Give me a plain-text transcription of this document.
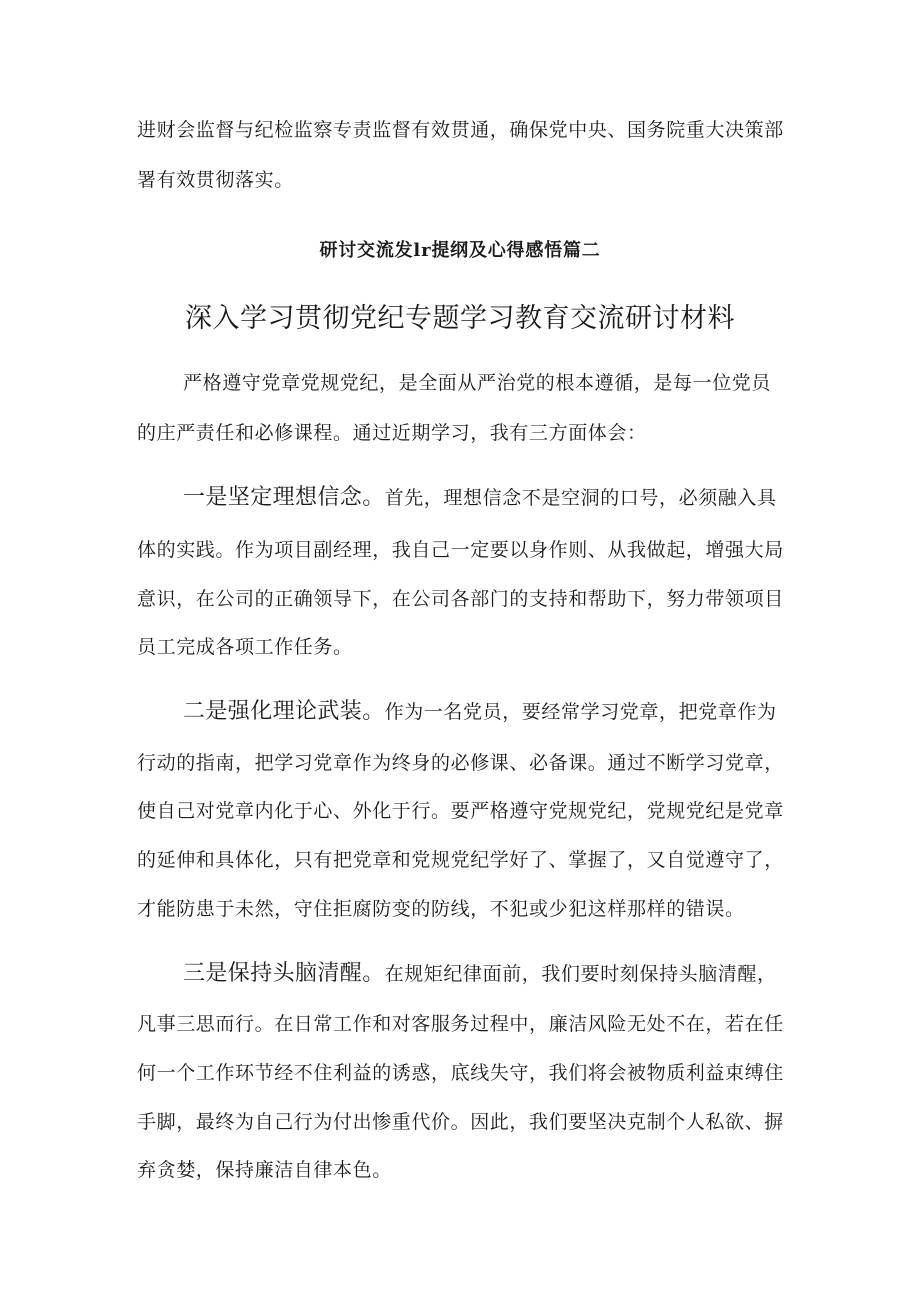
进财会监督与纪检监察专责监督有效贯通，确保党中央、国务院重大决策部
署有效贯彻落实。
研讨交流发lr提纲及心得感悟篇二
深入学习贯彻党纪专题学习教育交流研讨材料
严格遵守党章党规党纪，是全面从严治党的根本遵循，是每一位党员
的庄严责任和必修课程。通过近期学习，我有三方面体会：
一是坚定理想信念。首先，理想信念不是空洞的口号，必须融入具
体的实践。作为项目副经理，我自己一定要以身作则、从我做起，增强大局
意识，在公司的正确领导下，在公司各部门的支持和帮助下，努力带领项目
员工完成各项工作任务。
二是强化理论武装。作为一名党员，要经常学习党章，把党章作为
行动的指南，把学习党章作为终身的必修课、必备课。通过不断学习党章，
使自己对党章内化于心、外化于行。要严格遵守党规党纪，党规党纪是党章
的延伸和具体化，只有把党章和党规党纪学好了、掌握了，又自觉遵守了，
才能防患于未然，守住拒腐防变的防线，不犯或少犯这样那样的错误。
三是保持头脑清醒。在规矩纪律面前，我们要时刻保持头脑清醒，
凡事三思而行。在日常工作和对客服务过程中，廉洁风险无处不在，若在任
何一个工作环节经不住利益的诱惑，底线失守，我们将会被物质利益束缚住
手脚，最终为自己行为付出惨重代价。因此，我们要坚决克制个人私欲、摒
弃贪婪，保持廉洁自律本色。
